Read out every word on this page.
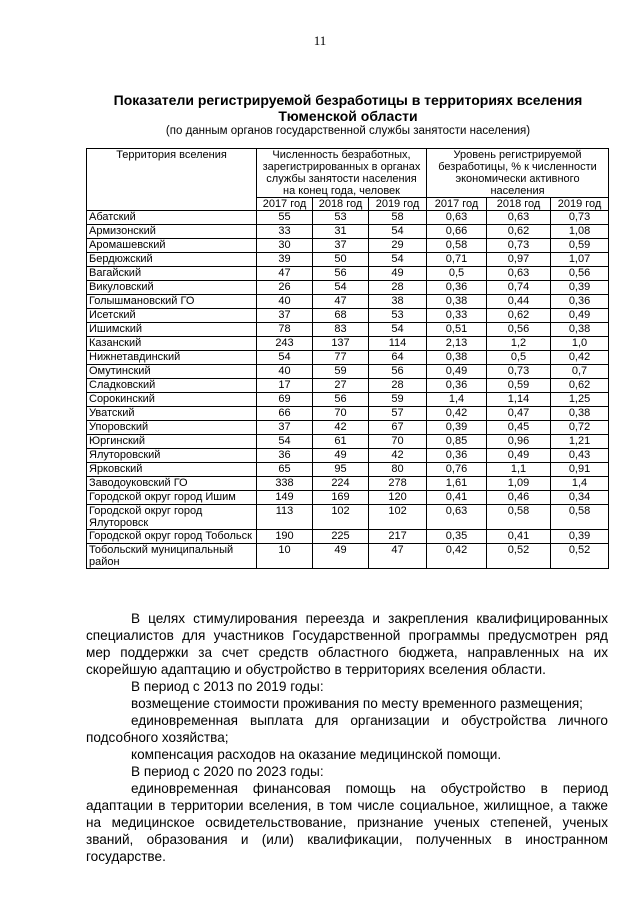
11
Показатели регистрируемой безработицы в территориях вселения Тюменской области
(по данным органов государственной службы занятости населения)
Территория вселения	Численность безработных, зарегистрированных в органах службы занятости населения на конец года, человек			Уровень регистрируемой безработицы, % к численности экономически активного населения		
	2017 год	2018 год	2019 год	2017 год	2018 год	2019 год
Абатский	55	53	58	0,63	0,63	0,73
Армизонский	33	31	54	0,66	0,62	1,08
Аромашевский	30	37	29	0,58	0,73	0,59
Бердюжский	39	50	54	0,71	0,97	1,07
Вагайский	47	56	49	0,5	0,63	0,56
Викуловский	26	54	28	0,36	0,74	0,39
Голышмановский ГО	40	47	38	0,38	0,44	0,36
Исетский	37	68	53	0,33	0,62	0,49
Ишимский	78	83	54	0,51	0,56	0,38
Казанский	243	137	114	2,13	1,2	1,0
Нижнетавдинский	54	77	64	0,38	0,5	0,42
Омутинский	40	59	56	0,49	0,73	0,7
Сладковский	17	27	28	0,36	0,59	0,62
Сорокинский	69	56	59	1,4	1,14	1,25
Уватский	66	70	57	0,42	0,47	0,38
Упоровский	37	42	67	0,39	0,45	0,72
Юргинский	54	61	70	0,85	0,96	1,21
Ялуторовский	36	49	42	0,36	0,49	0,43
Ярковский	65	95	80	0,76	1,1	0,91
Заводоуковский ГО	338	224	278	1,61	1,09	1,4
Городской округ город Ишим	149	169	120	0,41	0,46	0,34
Городской округ город Ялуторовск	113	102	102	0,63	0,58	0,58
Городской округ город Тобольск	190	225	217	0,35	0,41	0,39
Тобольский муниципальный район	10	49	47	0,42	0,52	0,52

В целях стимулирования переезда и закрепления квалифицированных специалистов для участников Государственной программы предусмотрен ряд мер поддержки за счет средств областного бюджета, направленных на их скорейшую адаптацию и обустройство в территориях вселения области.

В период с 2013 по 2019 годы:

возмещение стоимости проживания по месту временного размещения;

единовременная выплата для организации и обустройства личного подсобного хозяйства;

компенсация расходов на оказание медицинской помощи.

В период с 2020 по 2023 годы:

единовременная финансовая помощь на обустройство в период адаптации в территории вселения, в том числе социальное, жилищное, а также на медицинское освидетельствование, признание ученых степеней, ученых званий, образования и (или) квалификации, полученных в иностранном государстве.
